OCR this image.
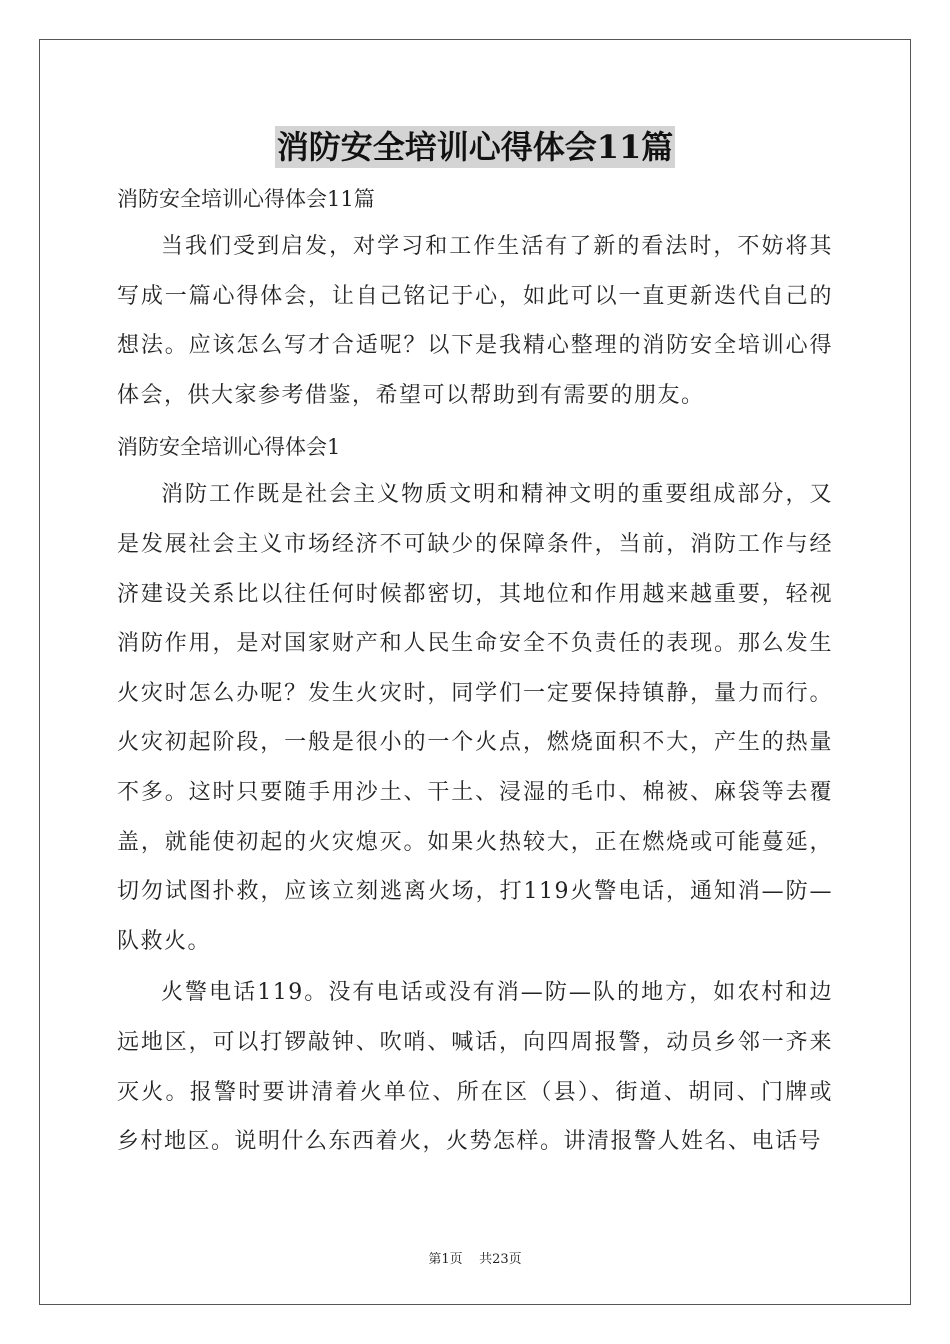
消防安全培训心得体会11篇

消防安全培训心得体会11篇

当我们受到启发，对学习和工作生活有了新的看法时，不妨将其写成一篇心得体会，让自己铭记于心，如此可以一直更新迭代自己的想法。应该怎么写才合适呢？以下是我精心整理的消防安全培训心得体会，供大家参考借鉴，希望可以帮助到有需要的朋友。

消防安全培训心得体会1

消防工作既是社会主义物质文明和精神文明的重要组成部分，又是发展社会主义市场经济不可缺少的保障条件，当前，消防工作与经济建设关系比以往任何时候都密切，其地位和作用越来越重要，轻视消防作用，是对国家财产和人民生命安全不负责任的表现。那么发生火灾时怎么办呢？发生火灾时，同学们一定要保持镇静，量力而行。火灾初起阶段，一般是很小的一个火点，燃烧面积不大，产生的热量不多。这时只要随手用沙土、干土、浸湿的毛巾、棉被、麻袋等去覆盖，就能使初起的火灾熄灭。如果火热较大，正在燃烧或可能蔓延，切勿试图扑救，应该立刻逃离火场，打119火警电话，通知消—防—队救火。

火警电话119。没有电话或没有消—防—队的地方，如农村和边远地区，可以打锣敲钟、吹哨、喊话，向四周报警，动员乡邻一齐来灭火。报警时要讲清着火单位、所在区（县）、街道、胡同、门牌或乡村地区。说明什么东西着火，火势怎样。讲清报警人姓名、电话号

第1页 共23页
